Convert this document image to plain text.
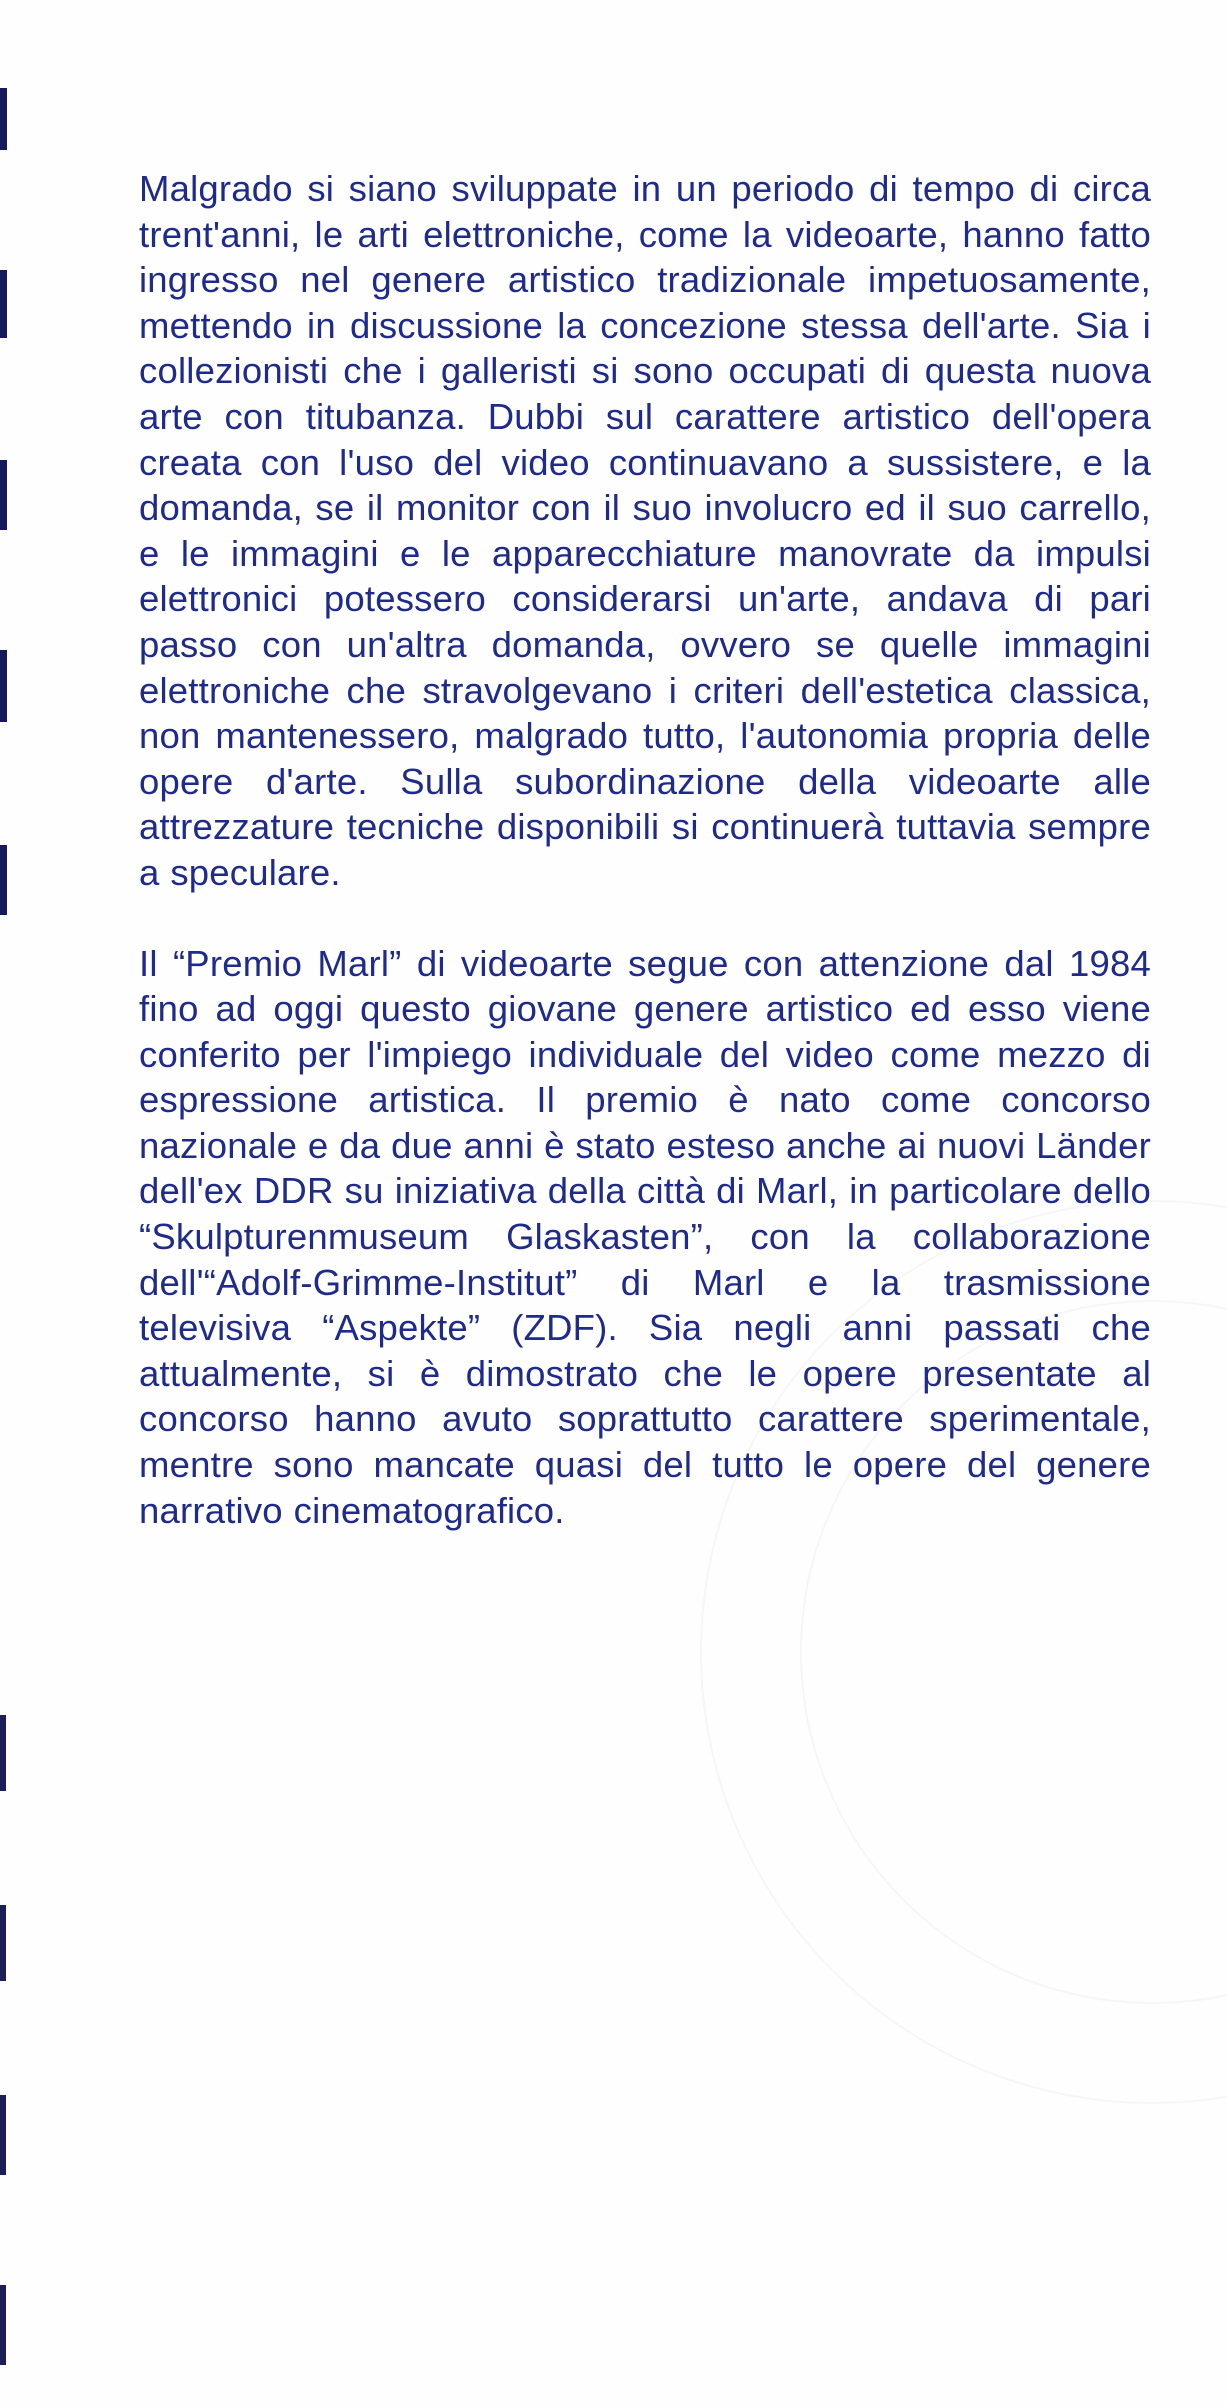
Malgrado si siano sviluppate in un periodo di tempo di circa trent'anni, le arti elettroniche, come la videoarte, hanno fatto ingresso nel genere artistico tradizionale impetuosamente, mettendo in discussione la concezione stessa dell'arte. Sia i collezionisti che i galleristi si sono occupati di questa nuova arte con titubanza. Dubbi sul carattere artistico dell'opera creata con l'uso del video continuavano a sussistere, e la domanda, se il monitor con il suo involucro ed il suo carrello, e le immagini e le apparecchiature manovrate da impulsi elettronici potessero considerarsi un'arte, andava di pari passo con un'altra domanda, ovvero se quelle immagini elettroniche che stravolgevano i criteri dell'estetica classica, non mantenessero, malgrado tutto, l'autonomia propria delle opere d'arte. Sulla subordinazione della videoarte alle attrezzature tecniche disponibili si continuerà tuttavia sempre a speculare.

Il “Premio Marl” di videoarte segue con attenzione dal 1984 fino ad oggi questo giovane genere artistico ed esso viene conferito per l'impiego individuale del video come mezzo di espressione artistica. Il premio è nato come concorso nazionale e da due anni è stato esteso anche ai nuovi Länder dell'ex DDR su iniziativa della città di Marl, in particolare dello “Skulpturenmuseum Glaskasten”, con la collaborazione dell'“Adolf-Grimme-Institut” di Marl e la trasmissione televisiva “Aspekte” (ZDF). Sia negli anni passati che attualmente, si è dimostrato che le opere presentate al concorso hanno avuto soprattutto carattere sperimentale, mentre sono mancate quasi del tutto le opere del genere narrativo cinematografico.
